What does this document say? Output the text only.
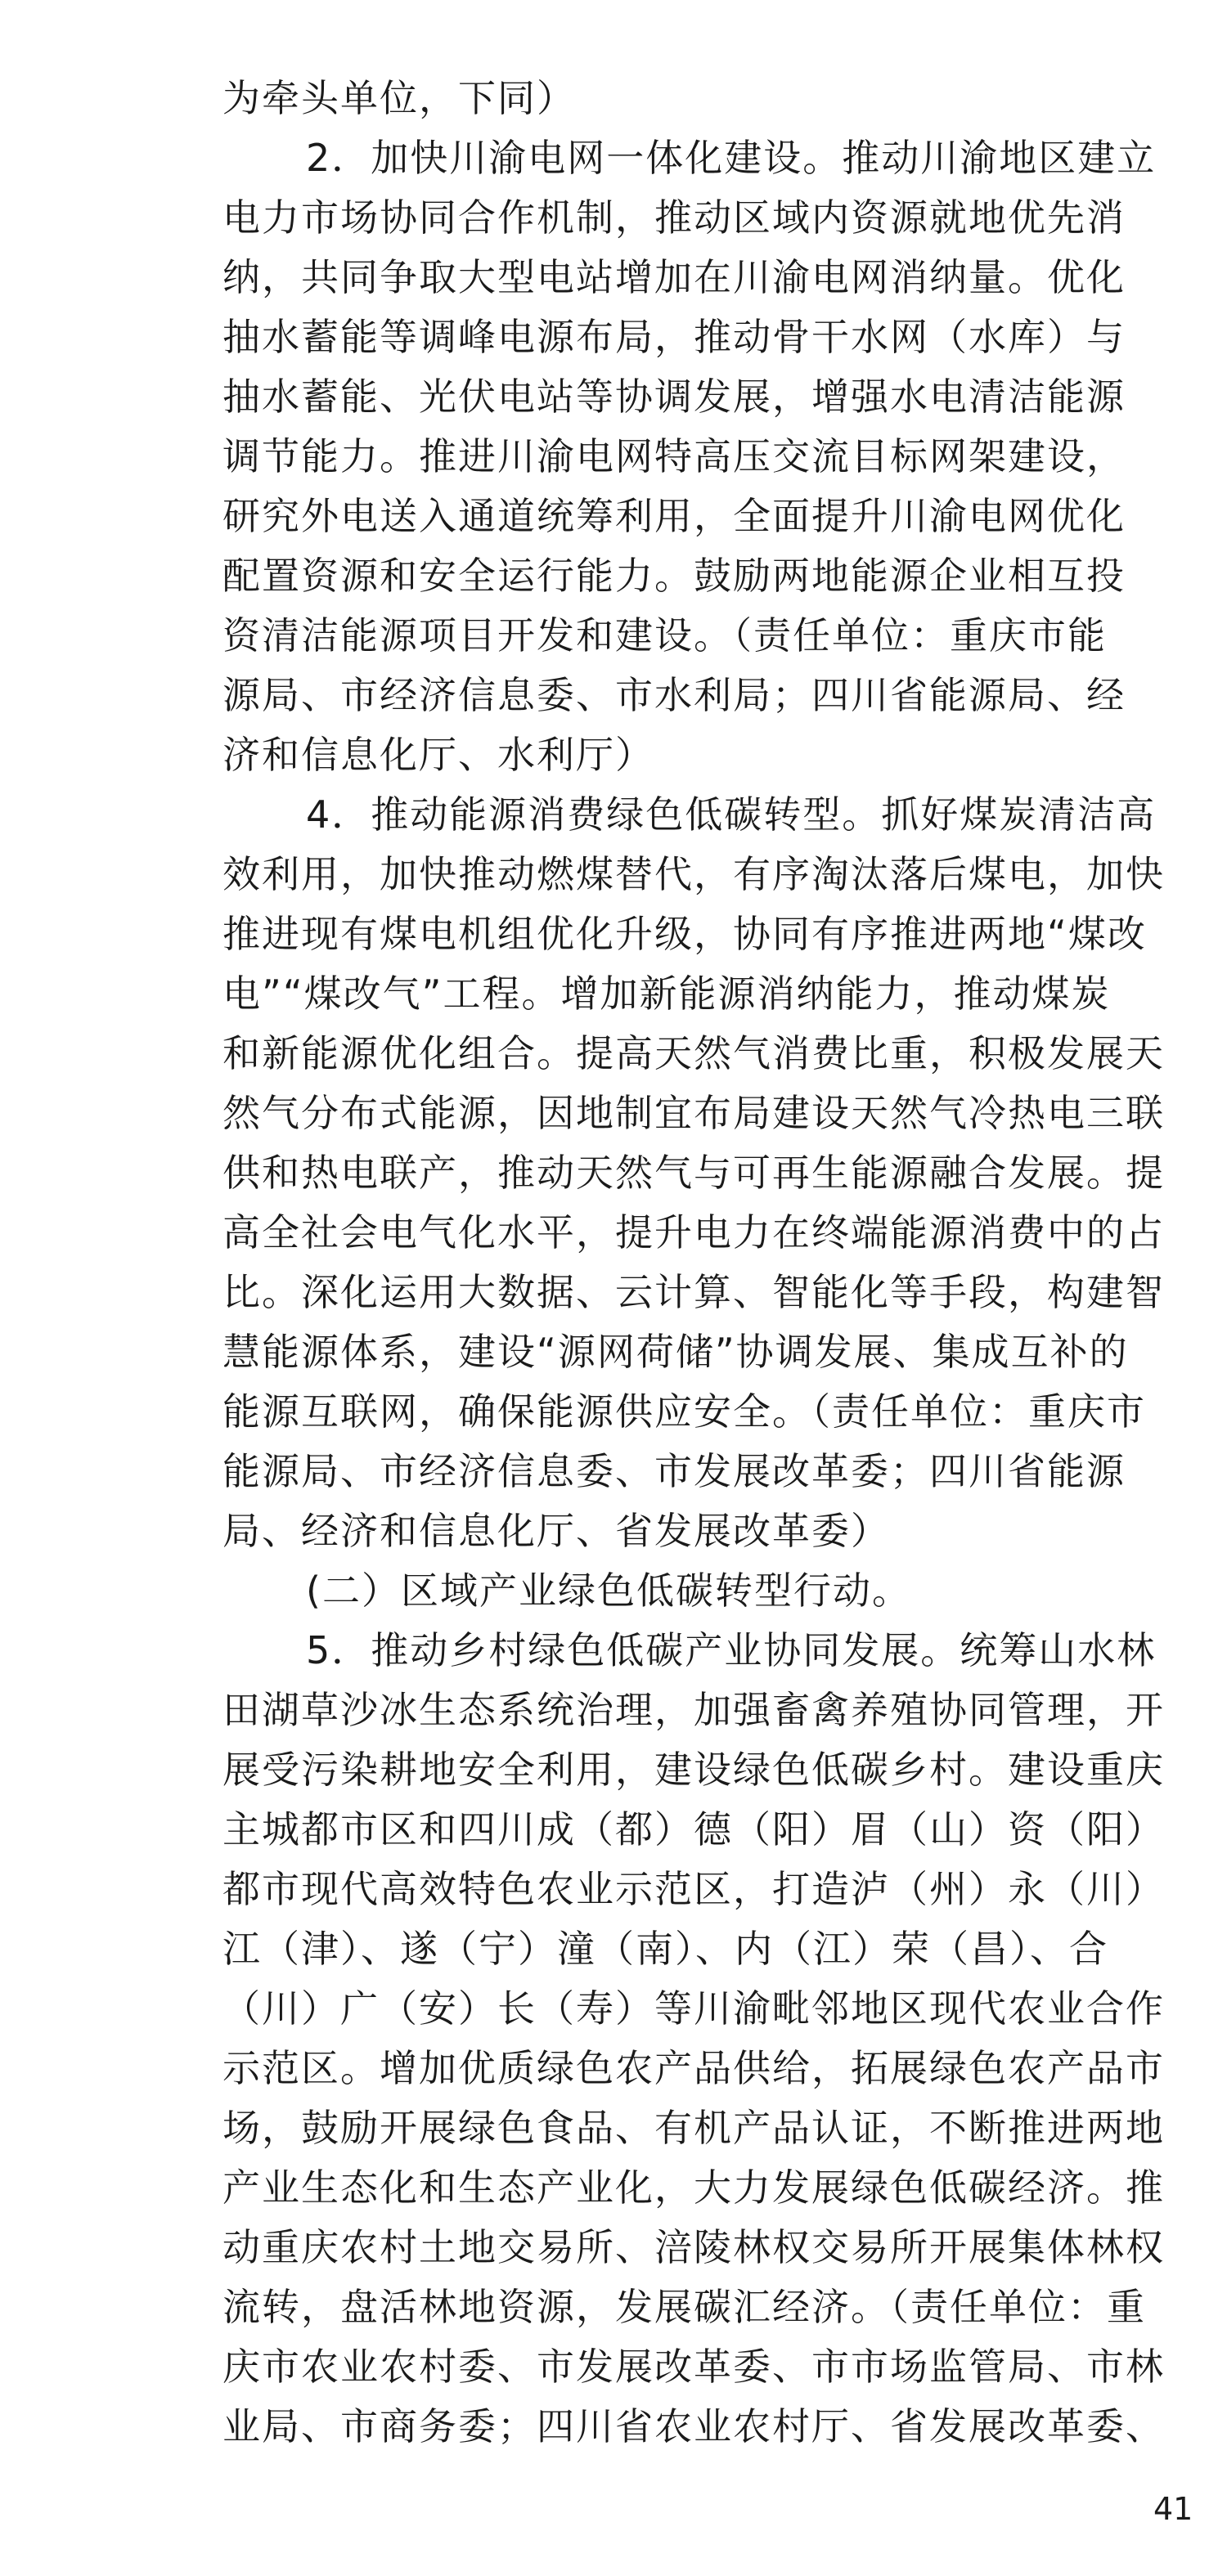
为牵头单位，下同）
2．加快川渝电网一体化建设。推动川渝地区建立
电力市场协同合作机制，推动区域内资源就地优先消
纳，共同争取大型电站增加在川渝电网消纳量。优化
抽水蓄能等调峰电源布局，推动骨干水网（水库）与
抽水蓄能、光伏电站等协调发展，增强水电清洁能源
调节能力。推进川渝电网特高压交流目标网架建设，
研究外电送入通道统筹利用，全面提升川渝电网优化
配置资源和安全运行能力。鼓励两地能源企业相互投
资清洁能源项目开发和建设。（责任单位：重庆市能
源局、市经济信息委、市水利局；四川省能源局、经
济和信息化厅、水利厅）
4．推动能源消费绿色低碳转型。抓好煤炭清洁高
效利用，加快推动燃煤替代，有序淘汰落后煤电，加快
推进现有煤电机组优化升级，协同有序推进两地“煤改
电”“煤改气”工程。增加新能源消纳能力，推动煤炭
和新能源优化组合。提高天然气消费比重，积极发展天
然气分布式能源，因地制宜布局建设天然气冷热电三联
供和热电联产，推动天然气与可再生能源融合发展。提
高全社会电气化水平，提升电力在终端能源消费中的占
比。深化运用大数据、云计算、智能化等手段，构建智
慧能源体系，建设“源网荷储”协调发展、集成互补的
能源互联网，确保能源供应安全。（责任单位：重庆市
能源局、市经济信息委、市发展改革委；四川省能源
局、经济和信息化厅、省发展改革委）
(二）区域产业绿色低碳转型行动。
5．推动乡村绿色低碳产业协同发展。统筹山水林
田湖草沙冰生态系统治理，加强畜禽养殖协同管理，开
展受污染耕地安全利用，建设绿色低碳乡村。建设重庆
主城都市区和四川成（都）德（阳）眉（山）资（阳）
都市现代高效特色农业示范区，打造泸（州）永（川）
江（津）、遂（宁）潼（南）、内（江）荣（昌）、合
（川）广（安）长（寿）等川渝毗邻地区现代农业合作
示范区。增加优质绿色农产品供给，拓展绿色农产品市
场，鼓励开展绿色食品、有机产品认证，不断推进两地
产业生态化和生态产业化，大力发展绿色低碳经济。推
动重庆农村土地交易所、涪陵林权交易所开展集体林权
流转，盘活林地资源，发展碳汇经济。（责任单位：重
庆市农业农村委、市发展改革委、市市场监管局、市林
业局、市商务委；四川省农业农村厅、省发展改革委、
41
